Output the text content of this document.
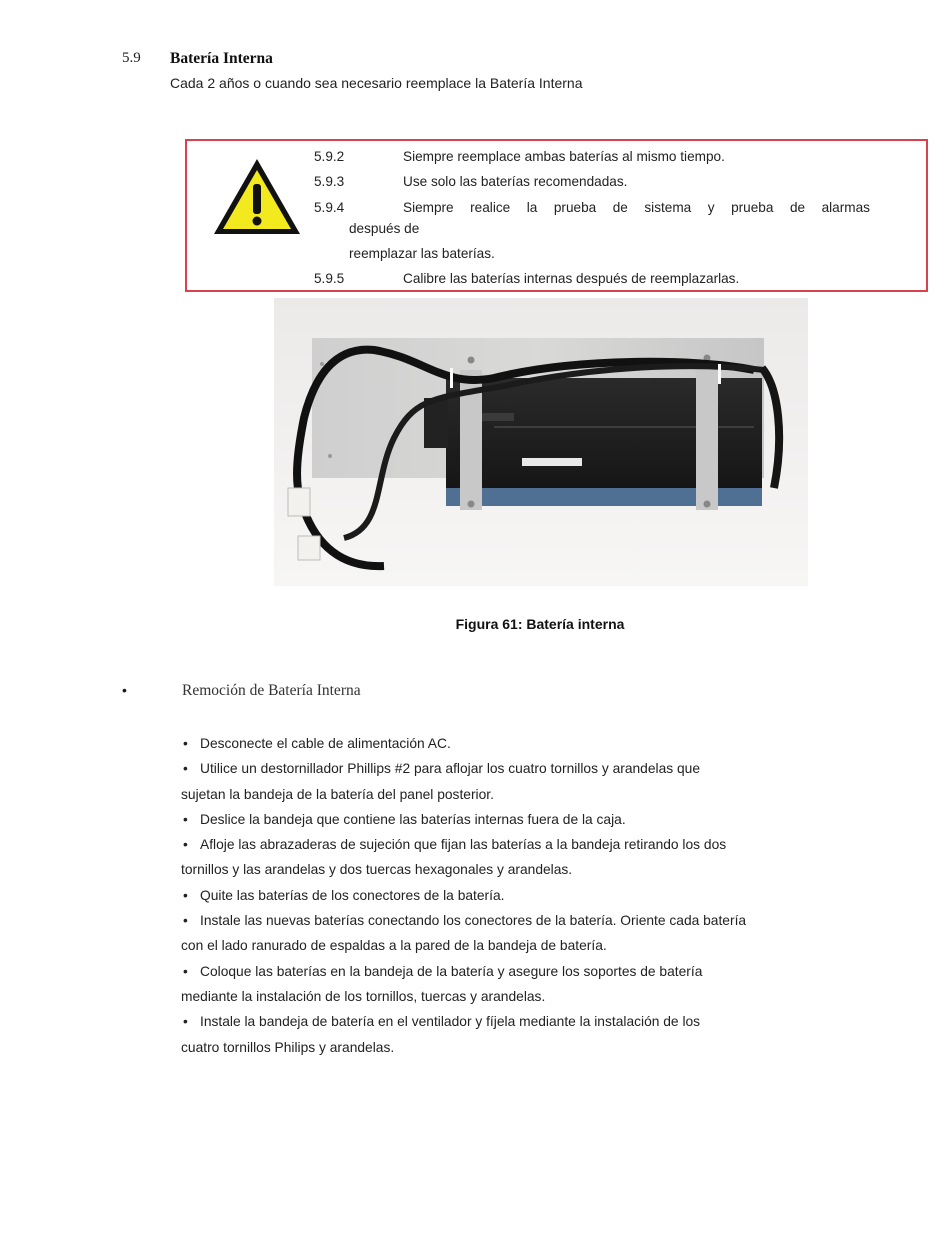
5.9 Batería Interna
Cada 2 años o cuando sea necesario reemplace la Batería Interna
5.9.2	Siempre reemplace ambas baterías al mismo tiempo.
5.9.3	Use solo las baterías recomendadas.
5.9.4	Siempre realice la prueba de sistema y prueba de alarmas
después de
reemplazar las baterías.
5.9.5	Calibre las baterías internas después de reemplazarlas.
Figura 61: Batería interna
•	Remoción de Batería Interna

• Desconecte el cable de alimentación AC.

• Utilice un destornillador Phillips #2 para aflojar los cuatro tornillos y arandelas que
sujetan la bandeja de la batería del panel posterior.

• Deslice la bandeja que contiene las baterías internas fuera de la caja.

• Afloje las abrazaderas de sujeción que fijan las baterías a la bandeja retirando los dos
tornillos y las arandelas y dos tuercas hexagonales y arandelas.

• Quite las baterías de los conectores de la batería.

• Instale las nuevas baterías conectando los conectores de la batería. Oriente cada batería
con el lado ranurado de espaldas a la pared de la bandeja de batería.

• Coloque las baterías en la bandeja de la batería y asegure los soportes de batería
mediante la instalación de los tornillos, tuercas y arandelas.

• Instale la bandeja de batería en el ventilador y fíjela mediante la instalación de los
cuatro tornillos Philips y arandelas.
